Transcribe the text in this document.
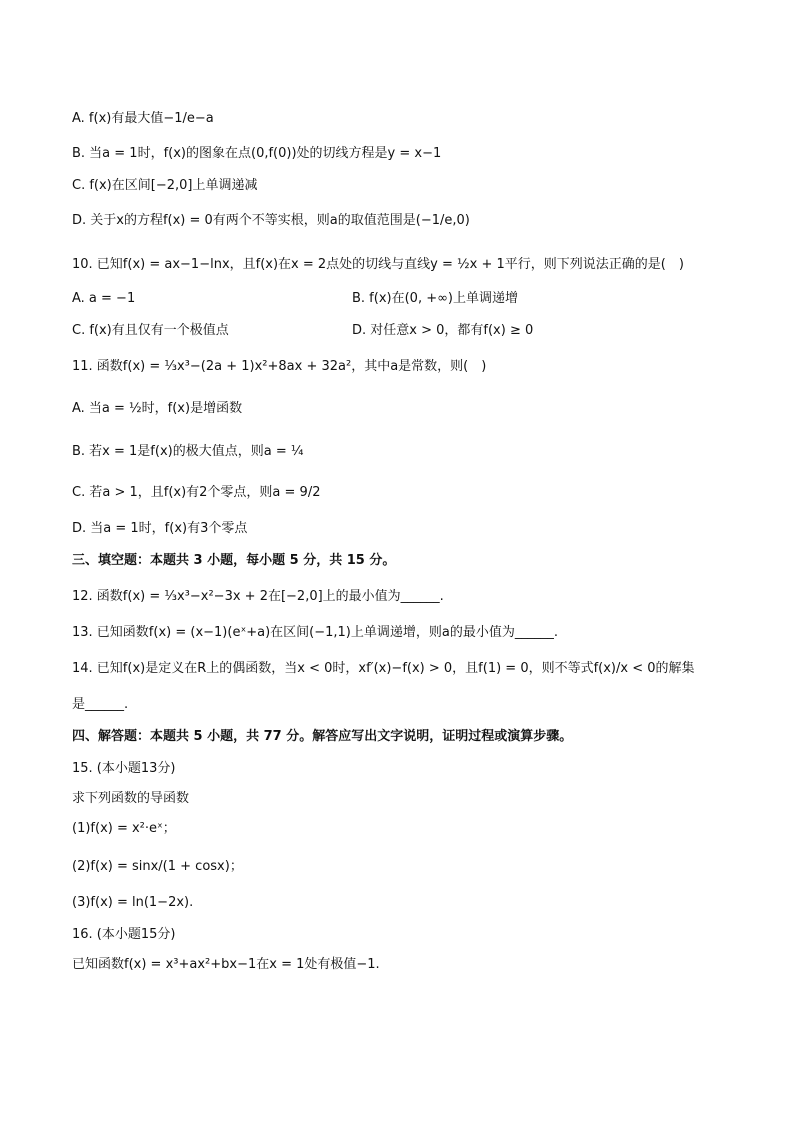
A. f(x)有最大值−1/e−a
B. 当a = 1时，f(x)的图象在点(0,f(0))处的切线方程是y = x−1
C. f(x)在区间[−2,0]上单调递减
D. 关于x的方程f(x) = 0有两个不等实根，则a的取值范围是(−1/e,0)
10. 已知f(x) = ax−1−lnx，且f(x)在x = 2点处的切线与直线y = ½x + 1平行，则下列说法正确的是(　)
A. a = −1	B. f(x)在(0, +∞)上单调递增
C. f(x)有且仅有一个极值点	D. 对任意x > 0，都有f(x) ≥ 0
11. 函数f(x) = ⅓x³−(2a + 1)x²+8ax + 32a²，其中a是常数，则(　)
A. 当a = ½时，f(x)是增函数
B. 若x = 1是f(x)的极大值点，则a = ¼
C. 若a > 1，且f(x)有2个零点，则a = 9/2
D. 当a = 1时，f(x)有3个零点
三、填空题：本题共 3 小题，每小题 5 分，共 15 分。
12. 函数f(x) = ⅓x³−x²−3x + 2在[−2,0]上的最小值为______.
13. 已知函数f(x) = (x−1)(eˣ+a)在区间(−1,1)上单调递增，则a的最小值为______.
14. 已知f(x)是定义在R上的偶函数，当x < 0时，xf′(x)−f(x) > 0，且f(1) = 0，则不等式f(x)/x < 0的解集
是______.
四、解答题：本题共 5 小题，共 77 分。解答应写出文字说明，证明过程或演算步骤。
15. (本小题13分)
求下列函数的导函数
(1)f(x) = x²·eˣ；
(2)f(x) = sinx/(1 + cosx)；
(3)f(x) = ln(1−2x).
16. (本小题15分)
已知函数f(x) = x³+ax²+bx−1在x = 1处有极值−1.
